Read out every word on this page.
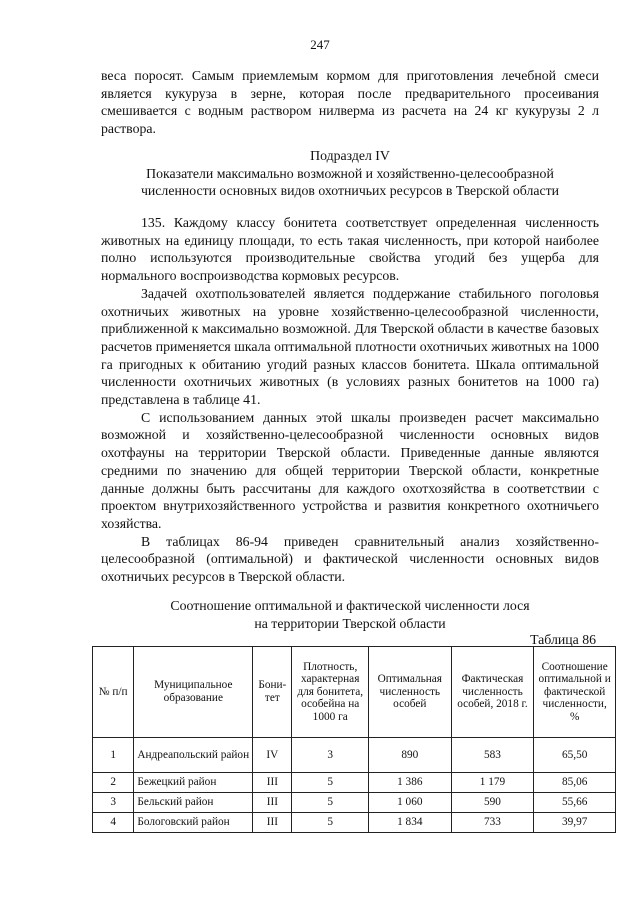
247

веса поросят. Самым приемлемым кормом для приготовления лечебной смеси является кукуруза в зерне, которая после предварительного просеивания смешивается с водным раствором нилверма из расчета на 24 кг кукурузы 2 л раствора.

Подраздел IV

Показатели максимально возможной и хозяйственно-целесообразной

численности основных видов охотничьих ресурсов в Тверской области

135. Каждому классу бонитета соответствует определенная численность животных на единицу площади, то есть такая численность, при которой наиболее полно используются производительные свойства угодий без ущерба для нормального воспроизводства кормовых ресурсов.

Задачей охотпользователей является поддержание стабильного поголовья охотничьих животных на уровне хозяйственно-целесообразной численности, приближенной к максимально возможной. Для Тверской области в качестве базовых расчетов применяется шкала оптимальной плотности охотничьих животных на 1000 га пригодных к обитанию угодий разных классов бонитета. Шкала оптимальной численности охотничьих животных (в условиях разных бонитетов на 1000 га) представлена в таблице 41.

С использованием данных этой шкалы произведен расчет максимально возможной и хозяйственно-целесообразной численности основных видов охотфауны на территории Тверской области. Приведенные данные являются средними по значению для общей территории Тверской области, конкретные данные должны быть рассчитаны для каждого охотхозяйства в соответствии с проектом внутрихозяйственного устройства и развития конкретного охотничьего хозяйства.

В таблицах 86-94 приведен сравнительный анализ хозяйственно-целесообразной (оптимальной) и фактической численности основных видов охотничьих ресурсов в Тверской области.

Соотношение оптимальной и фактической численности лося

на территории Тверской области

Таблица 86
№ п/п	Муниципальное образование	Бони-тет	Плотность, характерная для бонитета, особейна на 1000 га	Оптимальная численность особей	Фактическая численность особей, 2018 г.	Соотношение оптимальной и фактической численности, %
1	Андреапольский район	IV	3	890	583	65,50
2	Бежецкий район	III	5	1 386	1 179	85,06
3	Бельский район	III	5	1 060	590	55,66
4	Бологовский район	III	5	1 834	733	39,97
